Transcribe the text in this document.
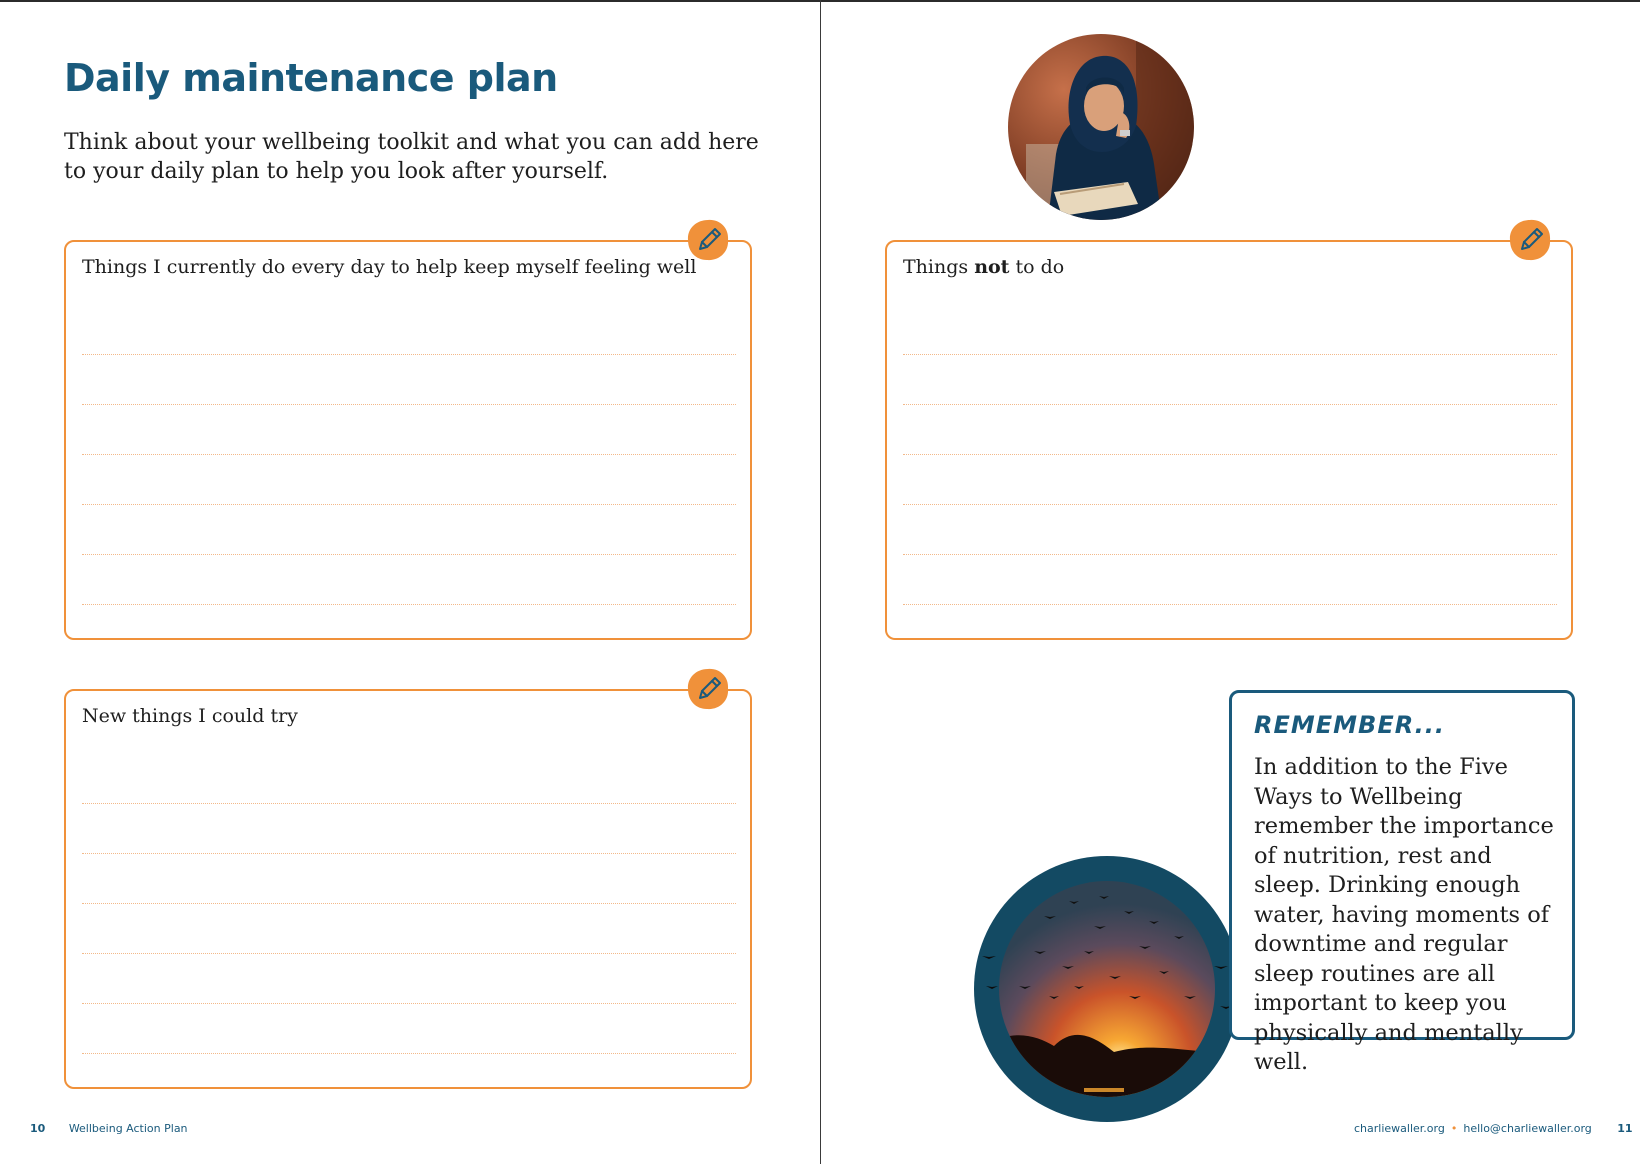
Daily maintenance plan

Think about your wellbeing toolkit and what you can add here to your daily plan to help you look after yourself.

Things I currently do every day to help keep myself feeling well
New things I could try
10 Wellbeing Action Plan
Things not to do
REMEMBER...

In addition to the Five Ways to Wellbeing remember the importance of nutrition, rest and sleep. Drinking enough water, having moments of downtime and regular sleep routines are all important to keep you physically and mentally well.

charliewaller.org • hello@charliewaller.org 11
